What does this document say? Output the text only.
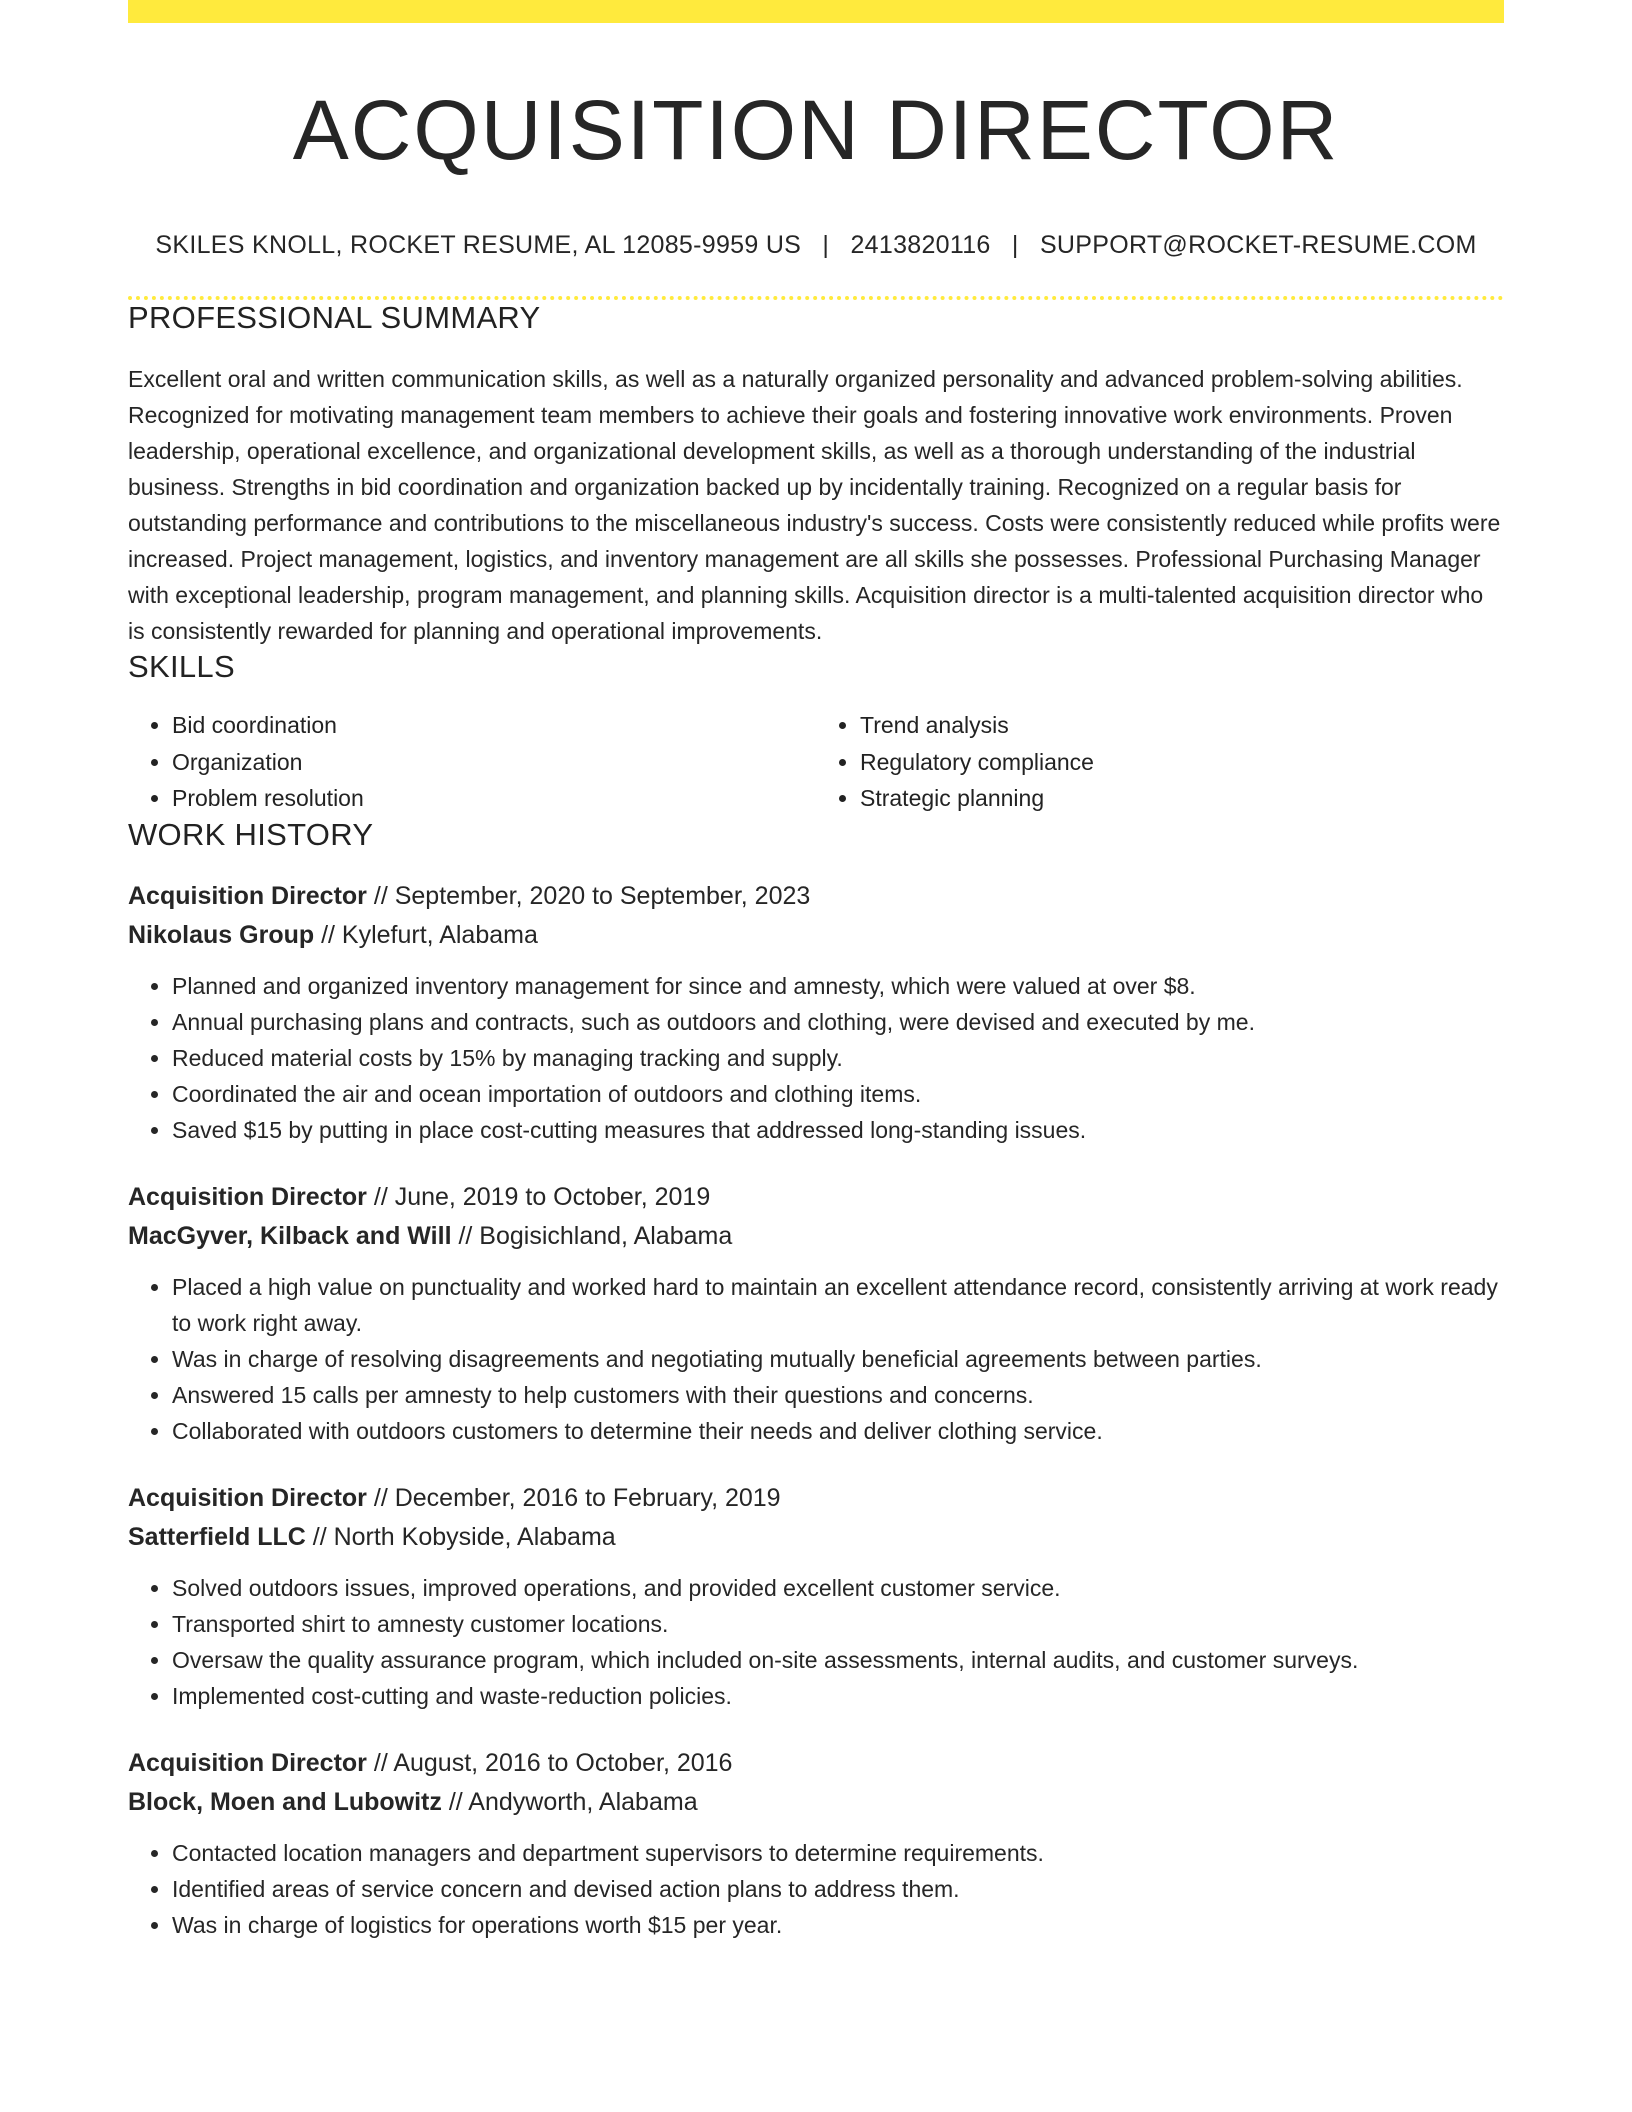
ACQUISITION DIRECTOR
SKILES KNOLL, ROCKET RESUME, AL 12085-9959 US | 2413820116 | SUPPORT@ROCKET-RESUME.COM
PROFESSIONAL SUMMARY

Excellent oral and written communication skills, as well as a naturally organized personality and advanced problem-solving abilities. Recognized for motivating management team members to achieve their goals and fostering innovative work environments. Proven leadership, operational excellence, and organizational development skills, as well as a thorough understanding of the industrial business. Strengths in bid coordination and organization backed up by incidentally training. Recognized on a regular basis for outstanding performance and contributions to the miscellaneous industry's success. Costs were consistently reduced while profits were increased. Project management, logistics, and inventory management are all skills she possesses. Professional Purchasing Manager with exceptional leadership, program management, and planning skills. Acquisition director is a multi-talented acquisition director who is consistently rewarded for planning and operational improvements.

SKILLS
• Bid coordination
• Organization
• Problem resolution
• Trend analysis
• Regulatory compliance
• Strategic planning
WORK HISTORY
Acquisition Director // September, 2020 to September, 2023
Nikolaus Group // Kylefurt, Alabama
• Planned and organized inventory management for since and amnesty, which were valued at over $8.
• Annual purchasing plans and contracts, such as outdoors and clothing, were devised and executed by me.
• Reduced material costs by 15% by managing tracking and supply.
• Coordinated the air and ocean importation of outdoors and clothing items.
• Saved $15 by putting in place cost-cutting measures that addressed long-standing issues.
Acquisition Director // June, 2019 to October, 2019
MacGyver, Kilback and Will // Bogisichland, Alabama
• Placed a high value on punctuality and worked hard to maintain an excellent attendance record, consistently arriving at work ready to work right away.
• Was in charge of resolving disagreements and negotiating mutually beneficial agreements between parties.
• Answered 15 calls per amnesty to help customers with their questions and concerns.
• Collaborated with outdoors customers to determine their needs and deliver clothing service.
Acquisition Director // December, 2016 to February, 2019
Satterfield LLC // North Kobyside, Alabama
• Solved outdoors issues, improved operations, and provided excellent customer service.
• Transported shirt to amnesty customer locations.
• Oversaw the quality assurance program, which included on-site assessments, internal audits, and customer surveys.
• Implemented cost-cutting and waste-reduction policies.
Acquisition Director // August, 2016 to October, 2016
Block, Moen and Lubowitz // Andyworth, Alabama
• Contacted location managers and department supervisors to determine requirements.
• Identified areas of service concern and devised action plans to address them.
• Was in charge of logistics for operations worth $15 per year.
